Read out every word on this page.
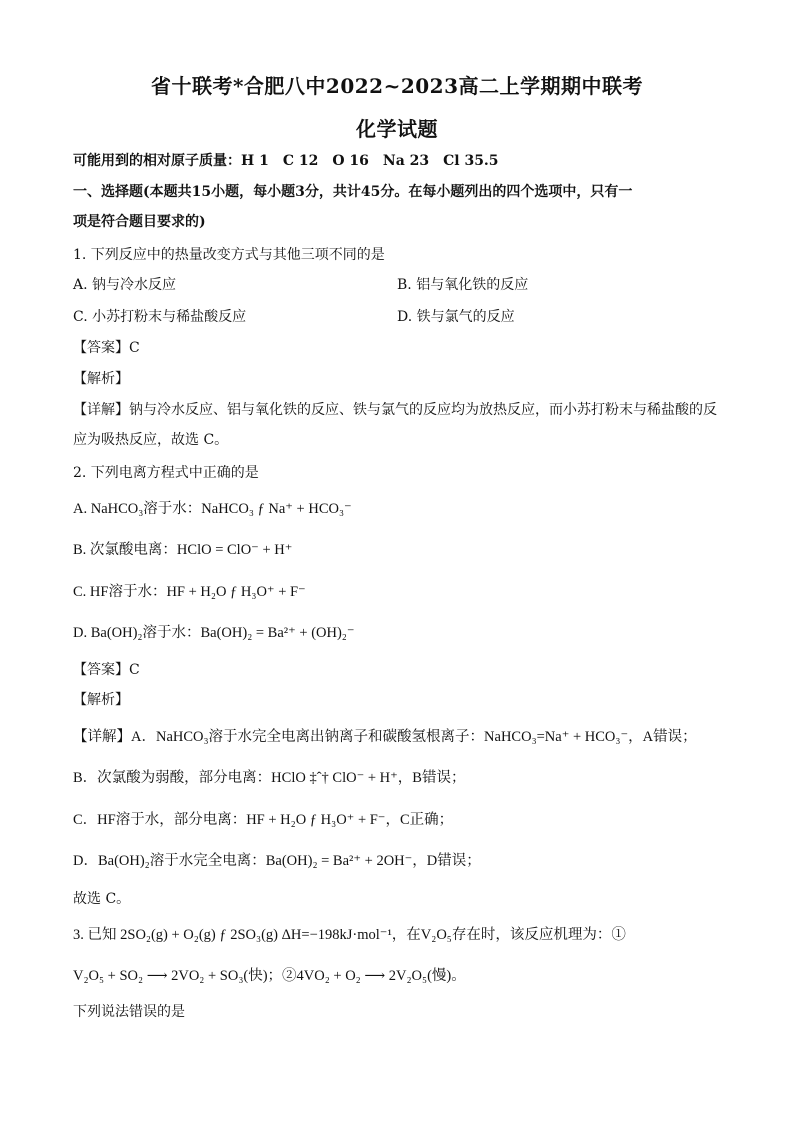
省十联考*合肥八中2022~2023高二上学期期中联考
化学试题
可能用到的相对原子质量：H 1　C 12　O 16　Na 23　Cl 35.5
一、选择题(本题共15小题，每小题3分，共计45分。在每小题列出的四个选项中，只有一
项是符合题目要求的)
1. 下列反应中的热量改变方式与其他三项不同的是
A. 钠与冷水反应	B. 铝与氧化铁的反应
C. 小苏打粉末与稀盐酸反应	D. 铁与氯气的反应
【答案】C
【解析】
【详解】钠与冷水反应、铝与氧化铁的反应、铁与氯气的反应均为放热反应，而小苏打粉末与稀盐酸的反
应为吸热反应，故选 C。
2. 下列电离方程式中正确的是
A. NaHCO₃溶于水：NaHCO₃ ƒ Na⁺ + HCO₃⁻
B. 次氯酸电离：HClO = ClO⁻ + H⁺
C. HF溶于水：HF + H₂O ƒ H₃O⁺ + F⁻
D. Ba(OH)₂溶于水：Ba(OH)₂ = Ba²⁺ + (OH)₂⁻
【答案】C
【解析】
【详解】A．NaHCO₃溶于水完全电离出钠离子和碳酸氢根离子：NaHCO₃=Na⁺ + HCO₃⁻，A错误；
B．次氯酸为弱酸，部分电离：HClO ‡ˆ† ClO⁻ + H⁺，B错误；
C．HF溶于水，部分电离：HF + H₂O ƒ H₃O⁺ + F⁻，C正确；
D．Ba(OH)₂溶于水完全电离：Ba(OH)₂ = Ba²⁺ + 2OH⁻，D错误；
故选 C。
3. 已知 2SO₂(g) + O₂(g) ƒ 2SO₃(g) ΔH=−198kJ·mol⁻¹，在V₂O₅存在时，该反应机理为：①
V₂O₅ + SO₂ ⟶ 2VO₂ + SO₃(快)；②4VO₂ + O₂ ⟶ 2V₂O₅(慢)。
下列说法错误的是
